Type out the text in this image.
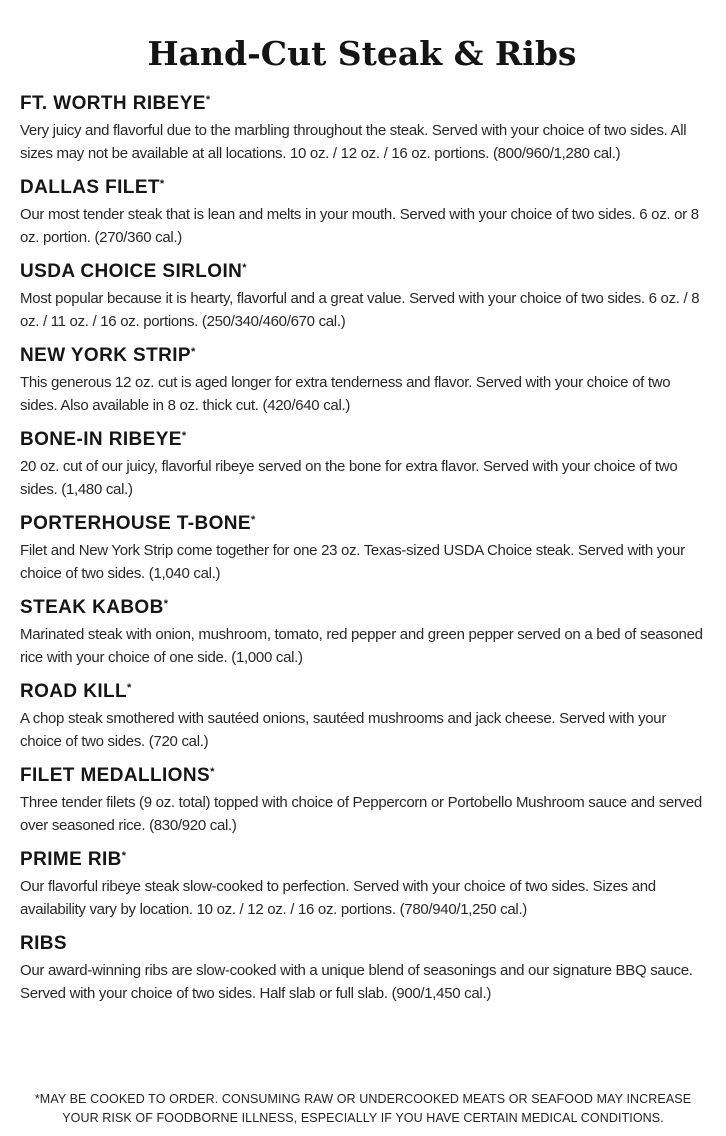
Hand-Cut Steak & Ribs
FT. WORTH RIBEYE*
Very juicy and flavorful due to the marbling throughout the steak. Served with your choice of two sides. All sizes may not be available at all locations. 10 oz. / 12 oz. / 16 oz. portions. (800/960/1,280 cal.)
DALLAS FILET*
Our most tender steak that is lean and melts in your mouth. Served with your choice of two sides. 6 oz. or 8 oz. portion. (270/360 cal.)
USDA CHOICE SIRLOIN*
Most popular because it is hearty, flavorful and a great value. Served with your choice of two sides. 6 oz. / 8 oz. / 11 oz. / 16 oz. portions. (250/340/460/670 cal.)
NEW YORK STRIP*
This generous 12 oz. cut is aged longer for extra tenderness and flavor. Served with your choice of two sides. Also available in 8 oz. thick cut. (420/640 cal.)
BONE-IN RIBEYE*
20 oz. cut of our juicy, flavorful ribeye served on the bone for extra flavor. Served with your choice of two sides. (1,480 cal.)
PORTERHOUSE T-BONE*
Filet and New York Strip come together for one 23 oz. Texas-sized USDA Choice steak. Served with your choice of two sides. (1,040 cal.)
STEAK KABOB*
Marinated steak with onion, mushroom, tomato, red pepper and green pepper served on a bed of seasoned rice with your choice of one side. (1,000 cal.)
ROAD KILL*
A chop steak smothered with sautéed onions, sautéed mushrooms and jack cheese. Served with your choice of two sides. (720 cal.)
FILET MEDALLIONS*
Three tender filets (9 oz. total) topped with choice of Peppercorn or Portobello Mushroom sauce and served over seasoned rice. (830/920 cal.)
PRIME RIB*
Our flavorful ribeye steak slow-cooked to perfection. Served with your choice of two sides. Sizes and availability vary by location. 10 oz. / 12 oz. / 16 oz. portions. (780/940/1,250 cal.)
RIBS
Our award-winning ribs are slow-cooked with a unique blend of seasonings and our signature BBQ sauce. Served with your choice of two sides. Half slab or full slab. (900/1,450 cal.)
*MAY BE COOKED TO ORDER. CONSUMING RAW OR UNDERCOOKED MEATS OR SEAFOOD MAY INCREASE
YOUR RISK OF FOODBORNE ILLNESS, ESPECIALLY IF YOU HAVE CERTAIN MEDICAL CONDITIONS.
